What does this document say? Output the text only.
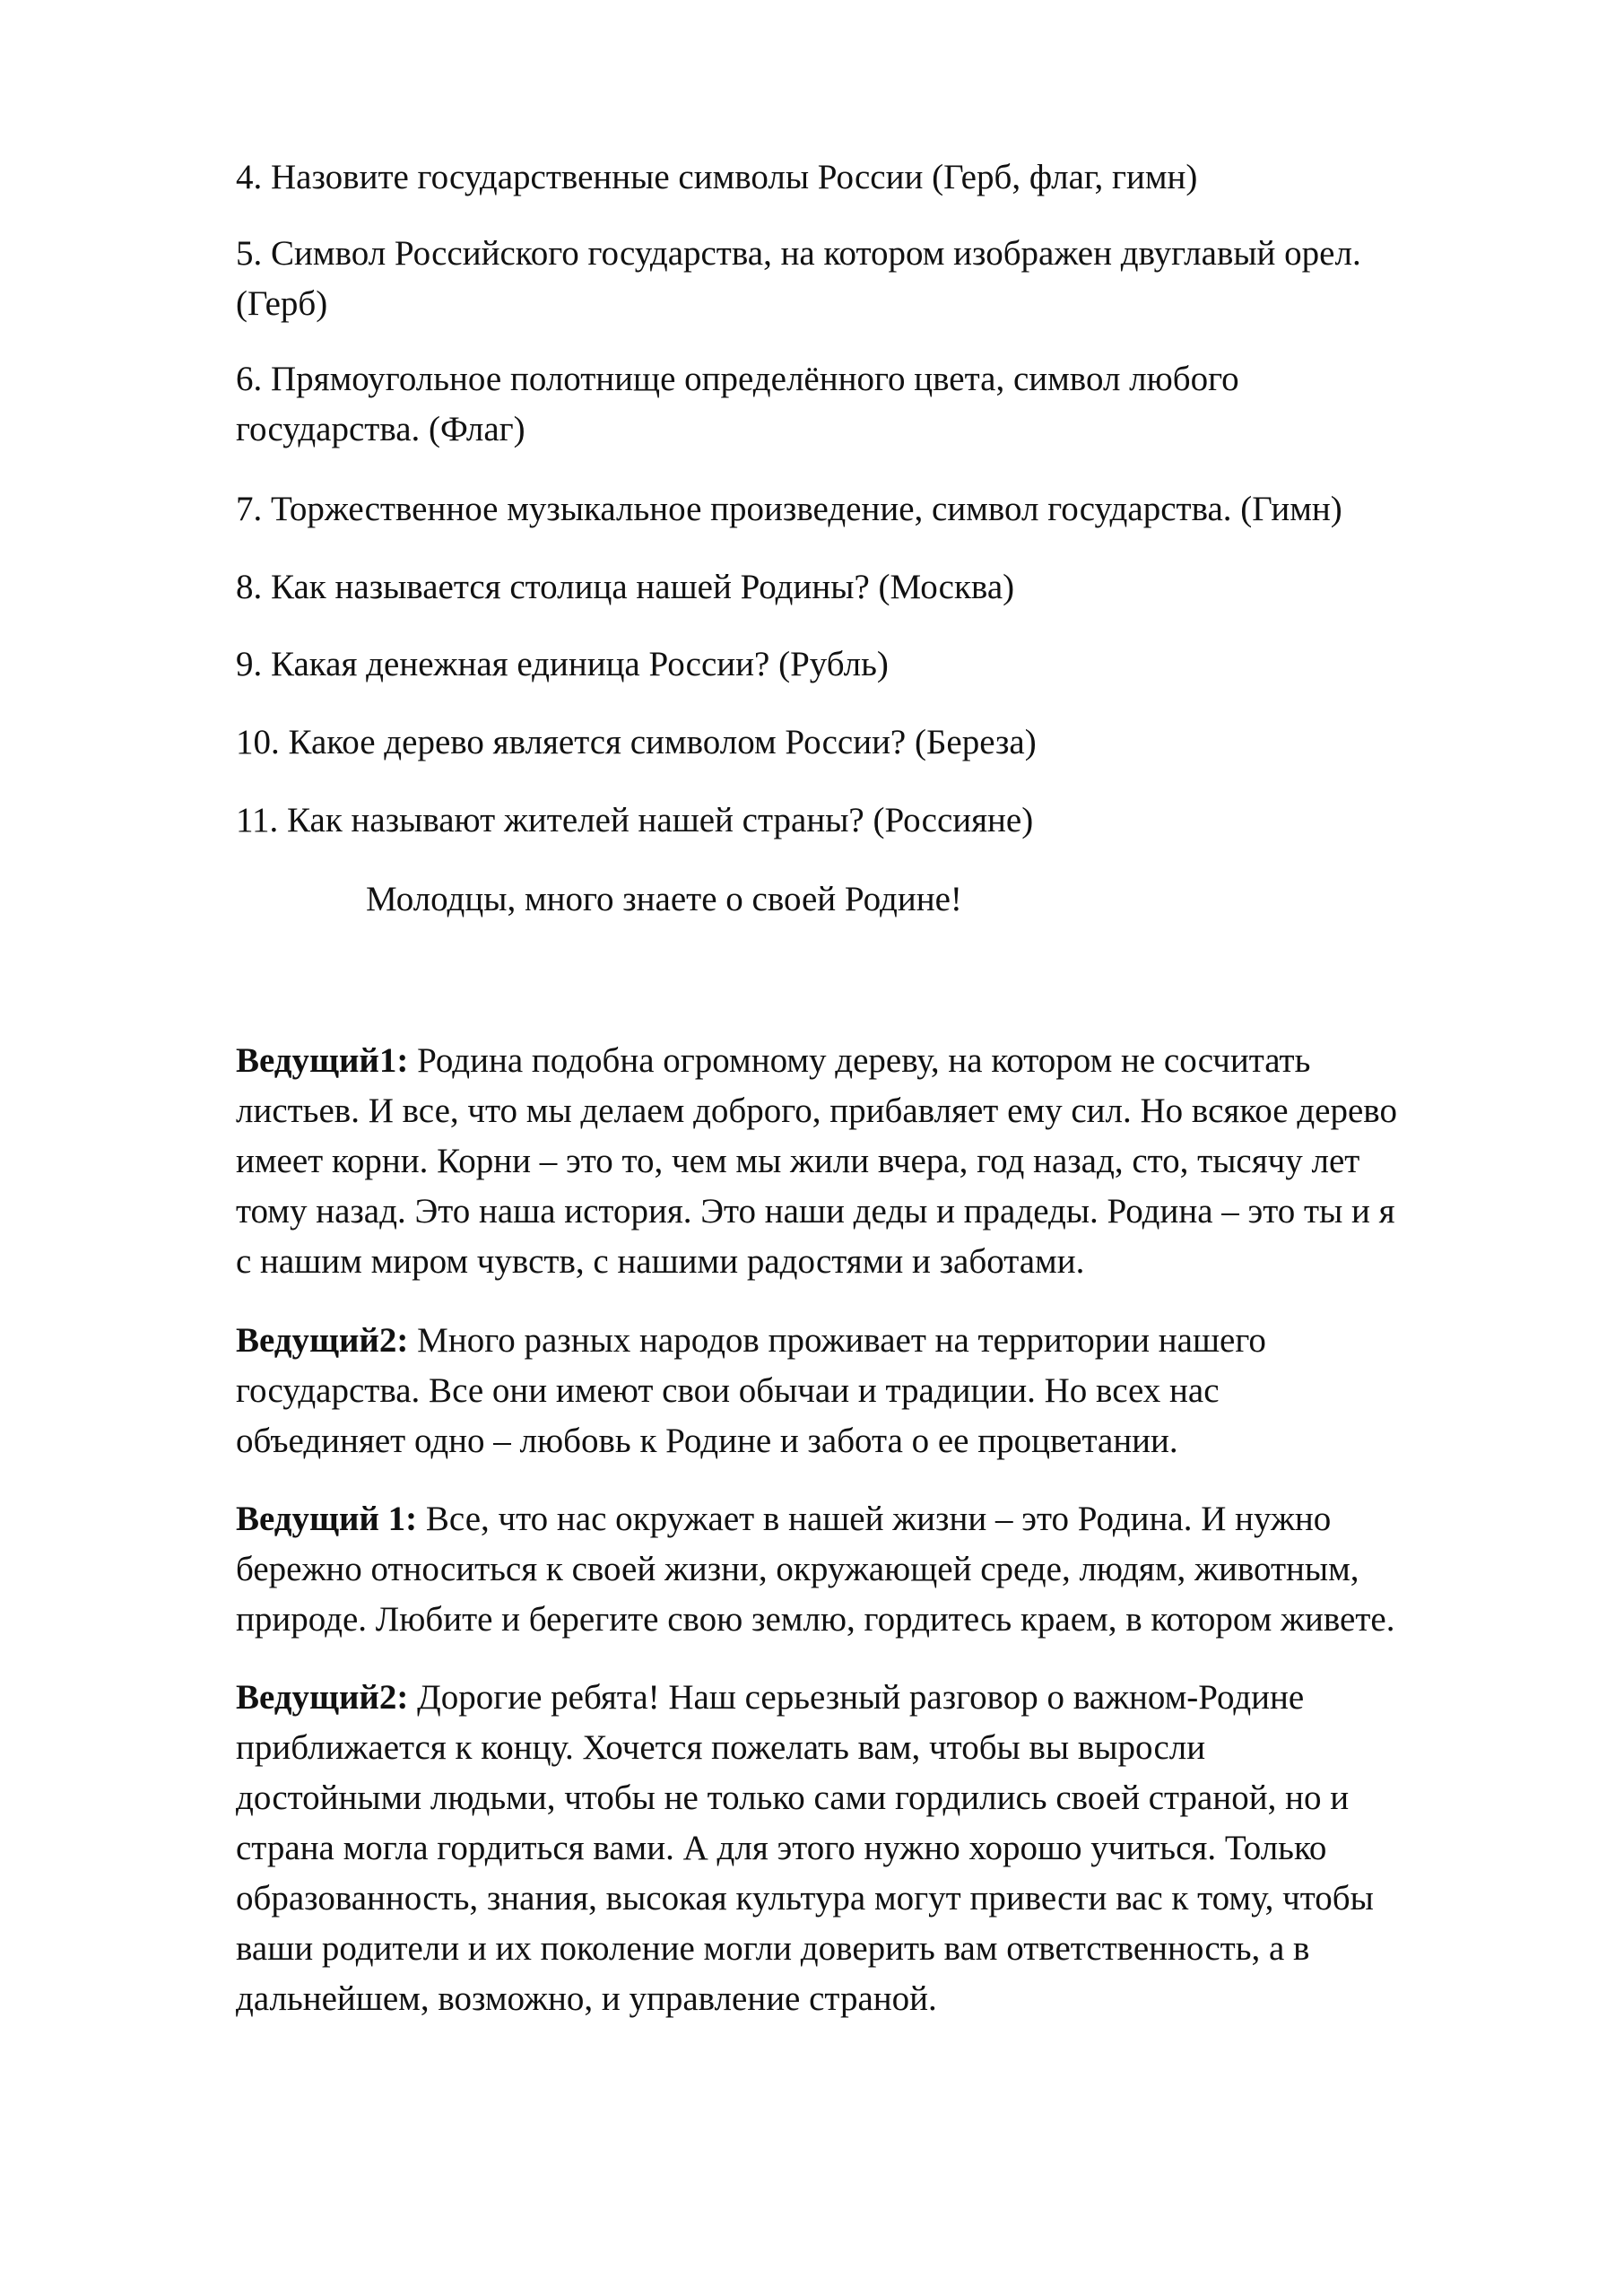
4. Назовите государственные символы России (Герб, флаг, гимн)
5. Символ Российского государства, на котором изображен двуглавый орел.
(Герб)
6. Прямоугольное полотнище определённого цвета, символ любого
государства. (Флаг)
7. Торжественное музыкальное произведение, символ государства. (Гимн)
8. Как называется столица нашей Родины? (Москва)
9. Какая денежная единица России? (Рубль)
10. Какое дерево является символом России? (Береза)
11. Как называют жителей нашей страны? (Россияне)
Молодцы, много знаете о своей Родине!
Ведущий1: Родина подобна огромному дереву, на котором не сосчитать
листьев. И все, что мы делаем доброго, прибавляет ему сил. Но всякое дерево
имеет корни. Корни – это то, чем мы жили вчера, год назад, сто, тысячу лет
тому назад. Это наша история. Это наши деды и прадеды. Родина – это ты и я
с нашим миром чувств, с нашими радостями и заботами.
Ведущий2: Много разных народов проживает на территории нашего
государства. Все они имеют свои обычаи и традиции. Но всех нас
объединяет одно – любовь к Родине и забота о ее процветании.
Ведущий 1: Все, что нас окружает в нашей жизни – это Родина. И нужно
бережно относиться к своей жизни, окружающей среде, людям, животным,
природе. Любите и берегите свою землю, гордитесь краем, в котором живете.
Ведущий2: Дорогие ребята! Наш серьезный разговор о важном-Родине
приближается к концу. Хочется пожелать вам, чтобы вы выросли
достойными людьми, чтобы не только сами гордились своей страной, но и
страна могла гордиться вами. А для этого нужно хорошо учиться. Только
образованность, знания, высокая культура могут привести вас к тому, чтобы
ваши родители и их поколение могли доверить вам ответственность, а в
дальнейшем, возможно, и управление страной.
